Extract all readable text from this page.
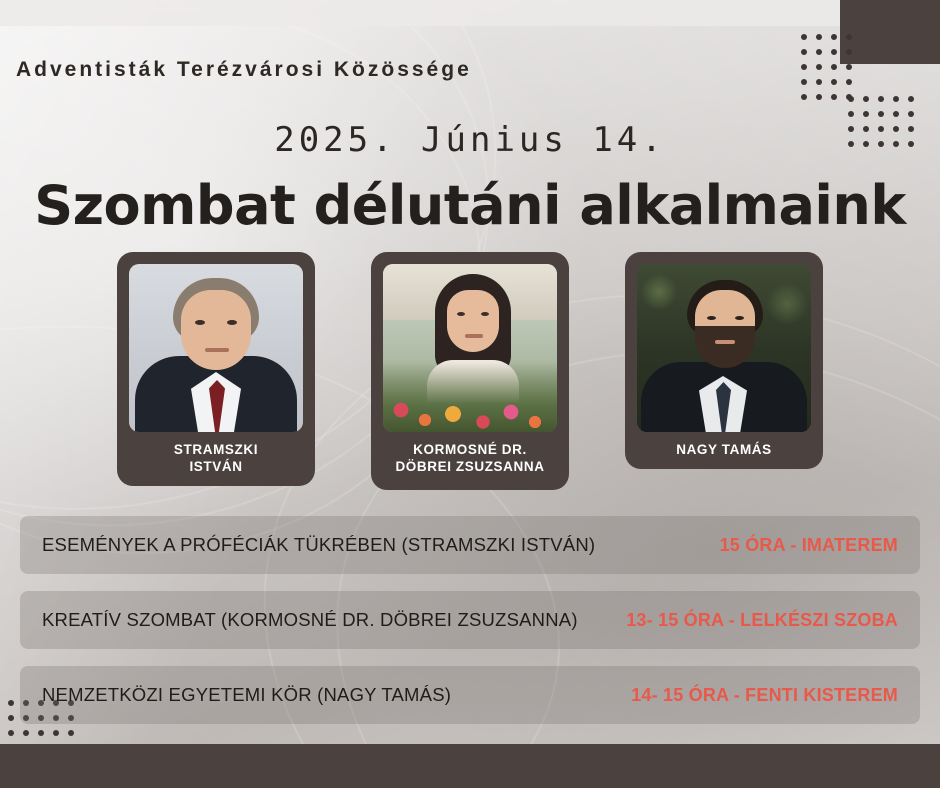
Adventisták Terézvárosi Közössége
2025. Június 14.
Szombat délutáni alkalmaink
STRAMSZKI
ISTVÁN
KORMOSNÉ DR.
DÖBREI ZSUZSANNA
NAGY TAMÁS
ESEMÉNYEK A PRÓFÉCIÁK TÜKRÉBEN (STRAMSZKI ISTVÁN)	15 ÓRA - IMATEREM
KREATÍV SZOMBAT (KORMOSNÉ DR. DÖBREI ZSUZSANNA)	13- 15 ÓRA - LELKÉSZI SZOBA
NEMZETKÖZI EGYETEMI KÖR (NAGY TAMÁS)	14- 15 ÓRA - FENTI KISTEREM
